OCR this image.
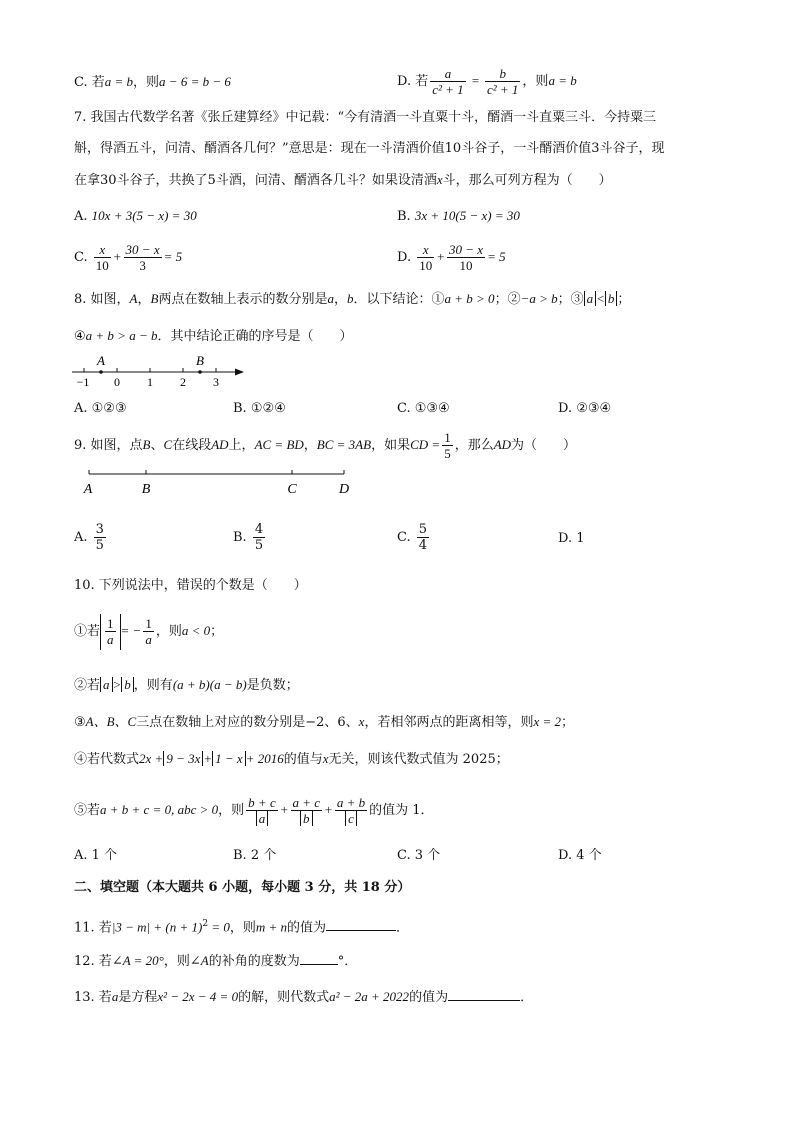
C. 若a = b，则a − 6 = b − 6	D. 若 $\frac{a}{\text{c² + 1}} = \frac{b}{\text{c² + 1}}$ ，则a = b
7. 我国古代数学名著《张丘建算经》中记载：“今有清酒一斗直粟十斗，醑酒一斗直粟三斗．今持粟三
斛，得酒五斗，问清、醑酒各几何？”意思是：现在一斗清酒价值10斗谷子，一斗醑酒价值3斗谷子，现
在拿30斗谷子，共换了5斗酒，问清、醑酒各几斗？如果设清酒x斗，那么可列方程为（　　）
A. 10x + 3(5 − x) = 30	B. 3x + 10(5 − x) = 30
C. $\frac{x}{10} + \frac{30 - x}{3} = 5$	D. $\frac{x}{10} + \frac{30 - x}{10} = 5$
8. 如图，A，B两点在数轴上表示的数分别是a，b．以下结论：①a + b > 0；②−a > b；③ a < b ；
④a + b > a − b．其中结论正确的序号是（　　）
−1 0 1 2 3
A	B
A. ①②③	B. ①②④	C. ①③④	D. ②③④
9. 如图，点B、C在线段AD上，AC = BD，BC = 3AB，如果CD = $\frac{1}{5}$ ，那么AD为（　　）
A	B	C	D
A. $\frac{3}{5}$	B. $\frac{4}{5}$	C. $\frac{5}{4}$	D. 1
10. 下列说法中，错误的个数是（　　）
①若 $\frac{1}{a}$ = − $\frac{1}{a}$ ，则a < 0；
②若 a > b ，则有(a + b)(a − b)是负数；
③A、B、C三点在数轴上对应的数分别是−2、6、x，若相邻两点的距离相等，则x = 2；
④若代数式2x + 9 − 3x + 1 − x + 2016的值与x无关，则该代数式值为 2025；
⑤若a + b + c = 0, abc > 0，则 $\frac{b + c}{a} + \frac{a + c}{b} + \frac{a + b}{c}$ 的值为 1．
A. 1 个	B. 2 个	C. 3 个	D. 4 个
二、填空题（本大题共 6 小题，每小题 3 分，共 18 分）
11. 若$|3 - m| + (n + 1)^2 = 0$，则m + n的值为	．
12. 若∠A = 20°，则∠A的补角的度数为	°．
13. 若a是方程x² − 2x − 4 = 0的解，则代数式a² − 2a + 2022的值为	．
